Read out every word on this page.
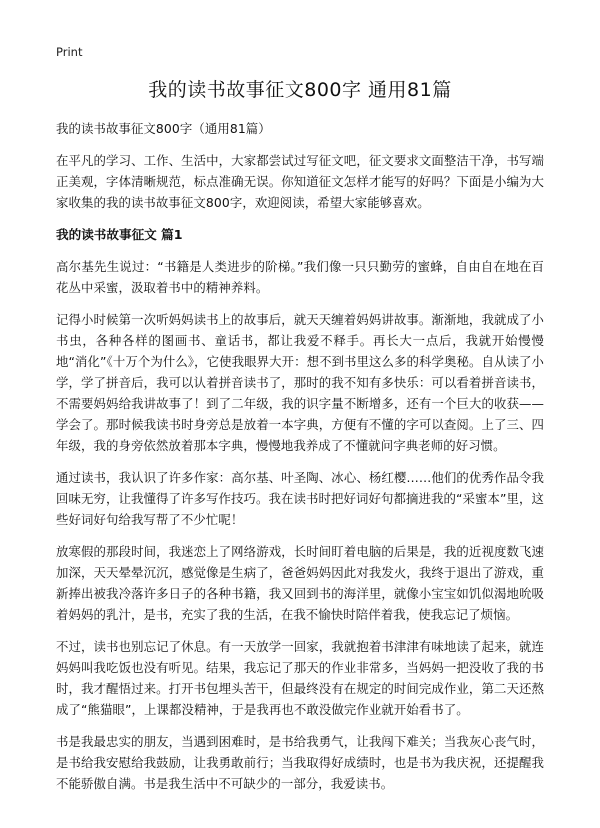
Print
我的读书故事征文800字 通用81篇

我的读书故事征文800字（通用81篇）

在平凡的学习、工作、生活中，大家都尝试过写征文吧，征文要求文面整洁干净，书写端正美观，字体清晰规范，标点准确无误。你知道征文怎样才能写的好吗？下面是小编为大家收集的我的读书故事征文800字，欢迎阅读，希望大家能够喜欢。

我的读书故事征文 篇1

高尔基先生说过：“书籍是人类进步的阶梯。”我们像一只只勤劳的蜜蜂，自由自在地在百花丛中采蜜，汲取着书中的精神养料。

记得小时候第一次听妈妈读书上的故事后，就天天缠着妈妈讲故事。渐渐地，我就成了小书虫，各种各样的图画书、童话书，都让我爱不释手。再长大一点后，我就开始慢慢地“消化”《十万个为什么》，它使我眼界大开：想不到书里这么多的科学奥秘。自从读了小学，学了拼音后，我可以认着拼音读书了，那时的我不知有多快乐：可以看着拼音读书，不需要妈妈给我讲故事了！到了二年级，我的识字量不断增多，还有一个巨大的收获——学会了。那时候我读书时身旁总是放着一本字典，方便有不懂的字可以查阅。上了三、四年级，我的身旁依然放着那本字典，慢慢地我养成了不懂就问字典老师的好习惯。

通过读书，我认识了许多作家：高尔基、叶圣陶、冰心、杨红樱……他们的优秀作品令我回味无穷，让我懂得了许多写作技巧。我在读书时把好词好句都摘进我的“采蜜本”里，这些好词好句给我写帮了不少忙呢！

放寒假的那段时间，我迷恋上了网络游戏，长时间盯着电脑的后果是，我的近视度数飞速加深，天天晕晕沉沉，感觉像是生病了，爸爸妈妈因此对我发火，我终于退出了游戏，重新捧出被我冷落许多日子的各种书籍，我又回到书的海洋里，就像小宝宝如饥似渴地吮吸着妈妈的乳汁，是书，充实了我的生活，在我不愉快时陪伴着我，使我忘记了烦恼。

不过，读书也别忘记了休息。有一天放学一回家，我就抱着书津津有味地读了起来，就连妈妈叫我吃饭也没有听见。结果，我忘记了那天的作业非常多，当妈妈一把没收了我的书时，我才醒悟过来。打开书包埋头苦干，但最终没有在规定的时间完成作业，第二天还熬成了“熊猫眼”，上课都没精神，于是我再也不敢没做完作业就开始看书了。

书是我最忠实的朋友，当遇到困难时，是书给我勇气，让我闯下难关；当我灰心丧气时，是书给我安慰给我鼓励，让我勇敢前行；当我取得好成绩时，也是书为我庆祝，还提醒我不能骄傲自满。书是我生活中不可缺少的一部分，我爱读书。
